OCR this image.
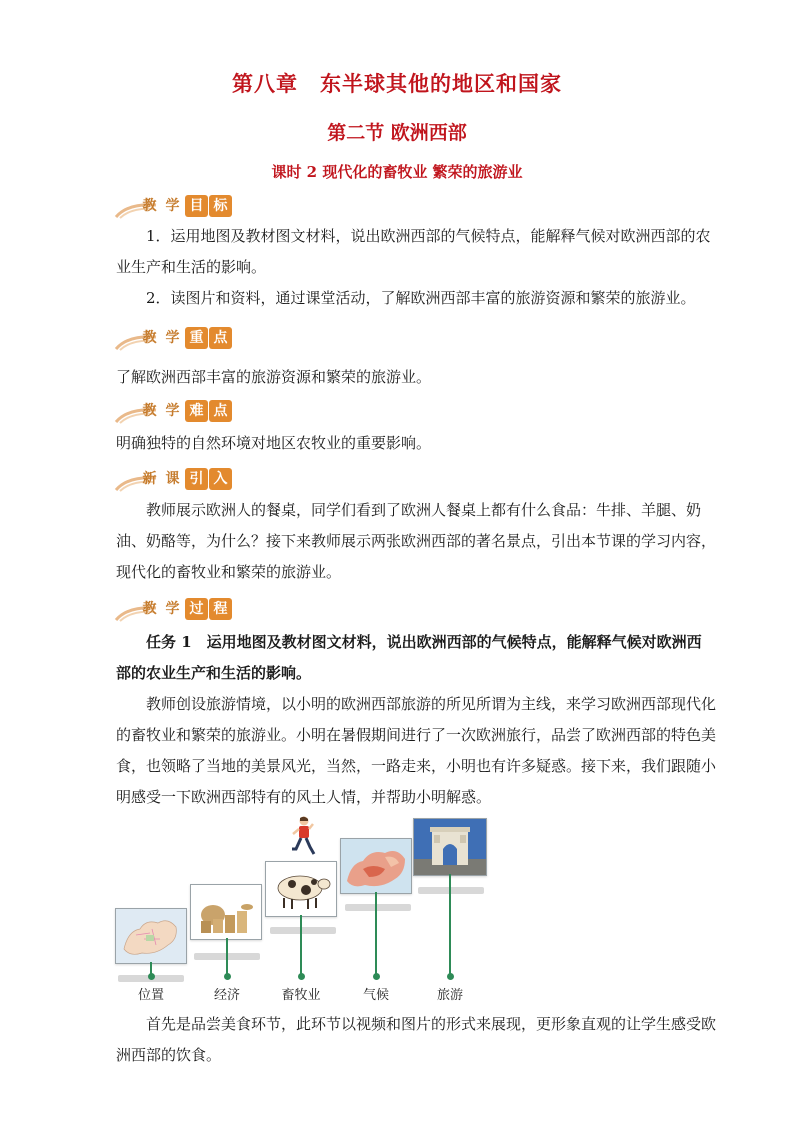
第八章　东半球其他的地区和国家
第二节 欧洲西部
课时 2 现代化的畜牧业 繁荣的旅游业
教 学 目 标
1．运用地图及教材图文材料，说出欧洲西部的气候特点，能解释气候对欧洲西部的农业生产和生活的影响。
2．读图片和资料，通过课堂活动，了解欧洲西部丰富的旅游资源和繁荣的旅游业。
教 学 重 点
了解欧洲西部丰富的旅游资源和繁荣的旅游业。
教 学 难 点
明确独特的自然环境对地区农牧业的重要影响。
新 课 引 入
教师展示欧洲人的餐桌，同学们看到了欧洲人餐桌上都有什么食品：牛排、羊腿、奶油、奶酪等，为什么？接下来教师展示两张欧洲西部的著名景点，引出本节课的学习内容，现代化的畜牧业和繁荣的旅游业。
教 学 过 程
任务 1　运用地图及教材图文材料，说出欧洲西部的气候特点，能解释气候对欧洲西部的农业生产和生活的影响。
教师创设旅游情境，以小明的欧洲西部旅游的所见所谓为主线，来学习欧洲西部现代化的畜牧业和繁荣的旅游业。小明在暑假期间进行了一次欧洲旅行，品尝了欧洲西部的特色美食，也领略了当地的美景风光，当然，一路走来，小明也有许多疑惑。接下来，我们跟随小明感受一下欧洲西部特有的风土人情，并帮助小明解惑。
位置	经济	畜牧业	气候	旅游
首先是品尝美食环节，此环节以视频和图片的形式来展现，更形象直观的让学生感受欧洲西部的饮食。
